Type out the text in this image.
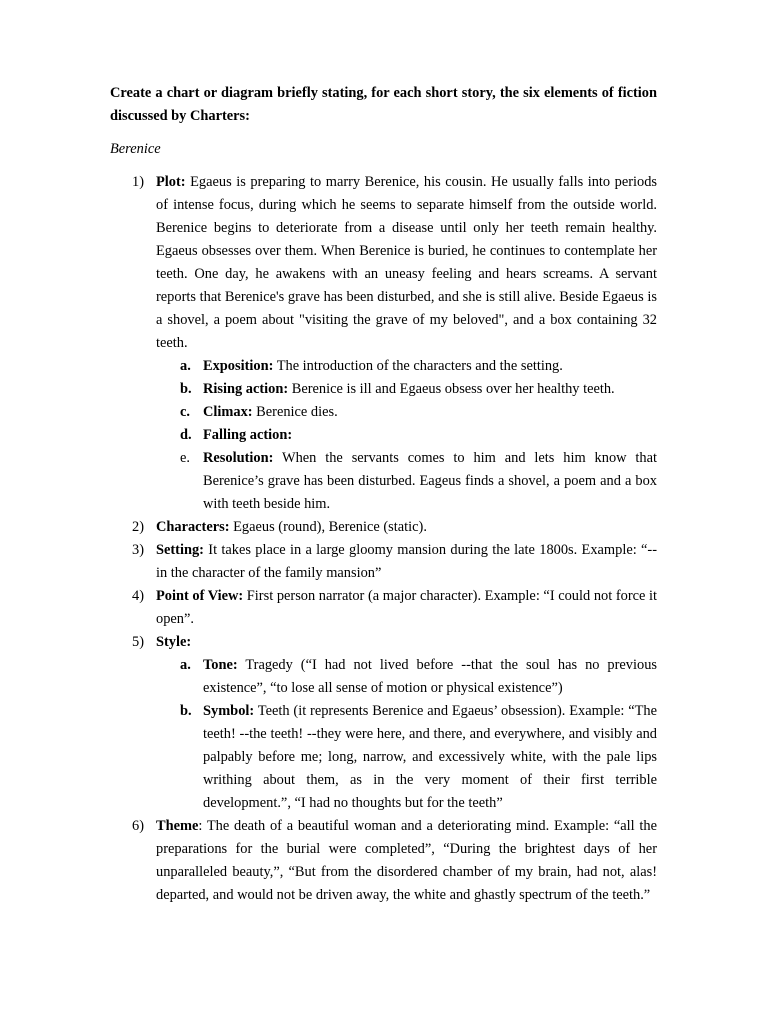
Create a chart or diagram briefly stating, for each short story, the six elements of fiction discussed by Charters:

Berenice

1) Plot: Egaeus is preparing to marry Berenice, his cousin. He usually falls into periods of intense focus, during which he seems to separate himself from the outside world. Berenice begins to deteriorate from a disease until only her teeth remain healthy. Egaeus obsesses over them. When Berenice is buried, he continues to contemplate her teeth. One day, he awakens with an uneasy feeling and hears screams. A servant reports that Berenice's grave has been disturbed, and she is still alive. Beside Egaeus is a shovel, a poem about "visiting the grave of my beloved", and a box containing 32 teeth.
a. Exposition: The introduction of the characters and the setting.
b. Rising action: Berenice is ill and Egaeus obsess over her healthy teeth.
c. Climax: Berenice dies.
d. Falling action:
e. Resolution: When the servants comes to him and lets him know that Berenice’s grave has been disturbed. Eageus finds a shovel, a poem and a box with teeth beside him.
2) Characters: Egaeus (round), Berenice (static).
3) Setting: It takes place in a large gloomy mansion during the late 1800s. Example: “--in the character of the family mansion”
4) Point of View: First person narrator (a major character). Example: “I could not force it open”.
5) Style:
a. Tone: Tragedy (“I had not lived before --that the soul has no previous existence”, “to lose all sense of motion or physical existence”)
b. Symbol: Teeth (it represents Berenice and Egaeus’ obsession). Example: “The teeth! --the teeth! --they were here, and there, and everywhere, and visibly and palpably before me; long, narrow, and excessively white, with the pale lips writhing about them, as in the very moment of their first terrible development.”, “I had no thoughts but for the teeth”
6) Theme: The death of a beautiful woman and a deteriorating mind. Example: “all the preparations for the burial were completed”, “During the brightest days of her unparalleled beauty,”, “But from the disordered chamber of my brain, had not, alas! departed, and would not be driven away, the white and ghastly spectrum of the teeth.”
